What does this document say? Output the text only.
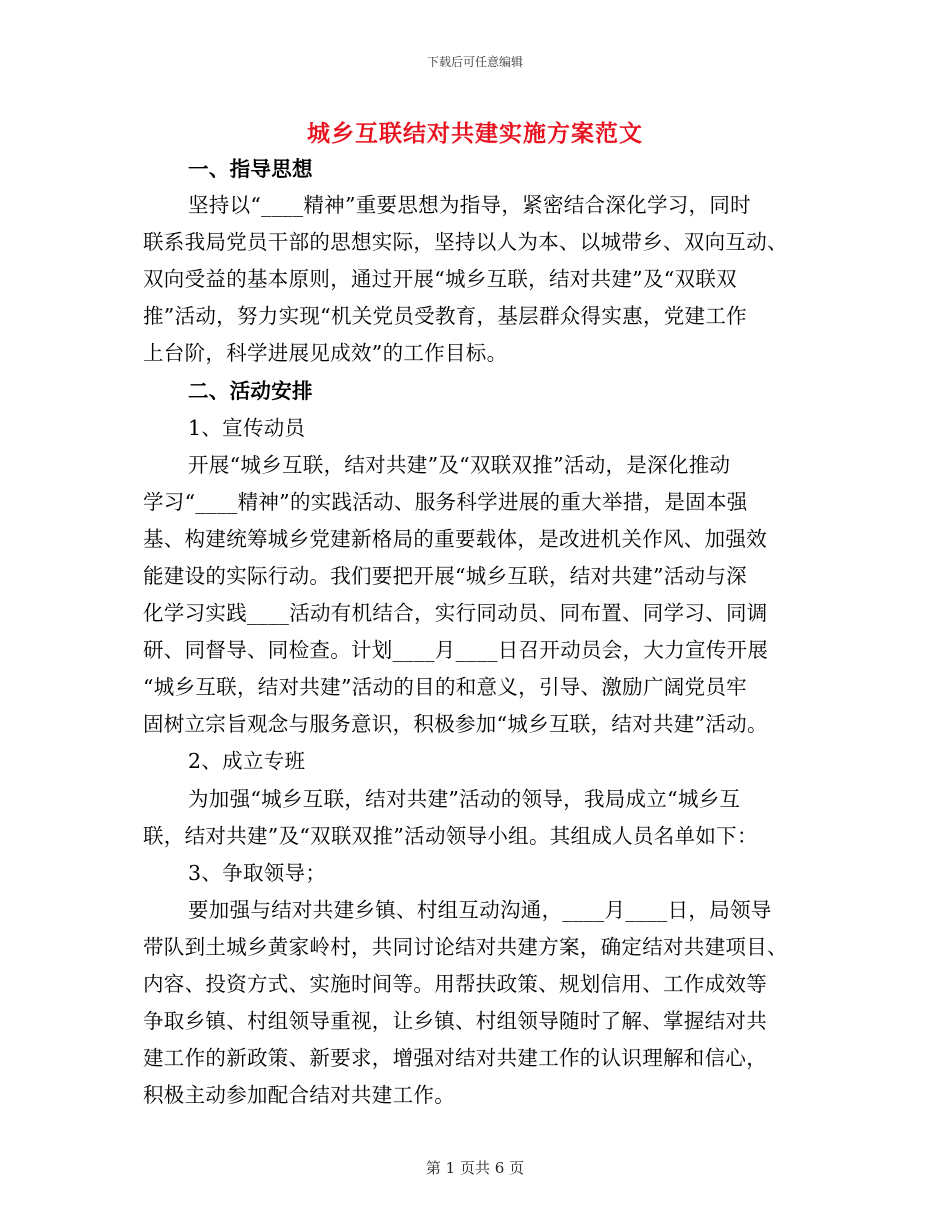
下载后可任意编辑
城乡互联结对共建实施方案范文
一、指导思想
坚持以“____精神”重要思想为指导，紧密结合深化学习，同时
联系我局党员干部的思想实际，坚持以人为本、以城带乡、双向互动、
双向受益的基本原则，通过开展“城乡互联，结对共建”及“双联双
推”活动，努力实现“机关党员受教育，基层群众得实惠，党建工作
上台阶，科学进展见成效”的工作目标。
二、活动安排
1、宣传动员
开展“城乡互联，结对共建”及“双联双推”活动，是深化推动
学习“____精神”的实践活动、服务科学进展的重大举措，是固本强
基、构建统筹城乡党建新格局的重要载体，是改进机关作风、加强效
能建设的实际行动。我们要把开展“城乡互联，结对共建”活动与深
化学习实践____活动有机结合，实行同动员、同布置、同学习、同调
研、同督导、同检查。计划____月____日召开动员会，大力宣传开展
“城乡互联，结对共建”活动的目的和意义，引导、激励广阔党员牢
固树立宗旨观念与服务意识，积极参加“城乡互联，结对共建”活动。
2、成立专班
为加强“城乡互联，结对共建”活动的领导，我局成立“城乡互
联，结对共建”及“双联双推”活动领导小组。其组成人员名单如下：
3、争取领导；
要加强与结对共建乡镇、村组互动沟通，____月____日，局领导
带队到土城乡黄家岭村，共同讨论结对共建方案，确定结对共建项目、
内容、投资方式、实施时间等。用帮扶政策、规划信用、工作成效等
争取乡镇、村组领导重视，让乡镇、村组领导随时了解、掌握结对共
建工作的新政策、新要求，增强对结对共建工作的认识理解和信心，
积极主动参加配合结对共建工作。
第 1 页共 6 页
